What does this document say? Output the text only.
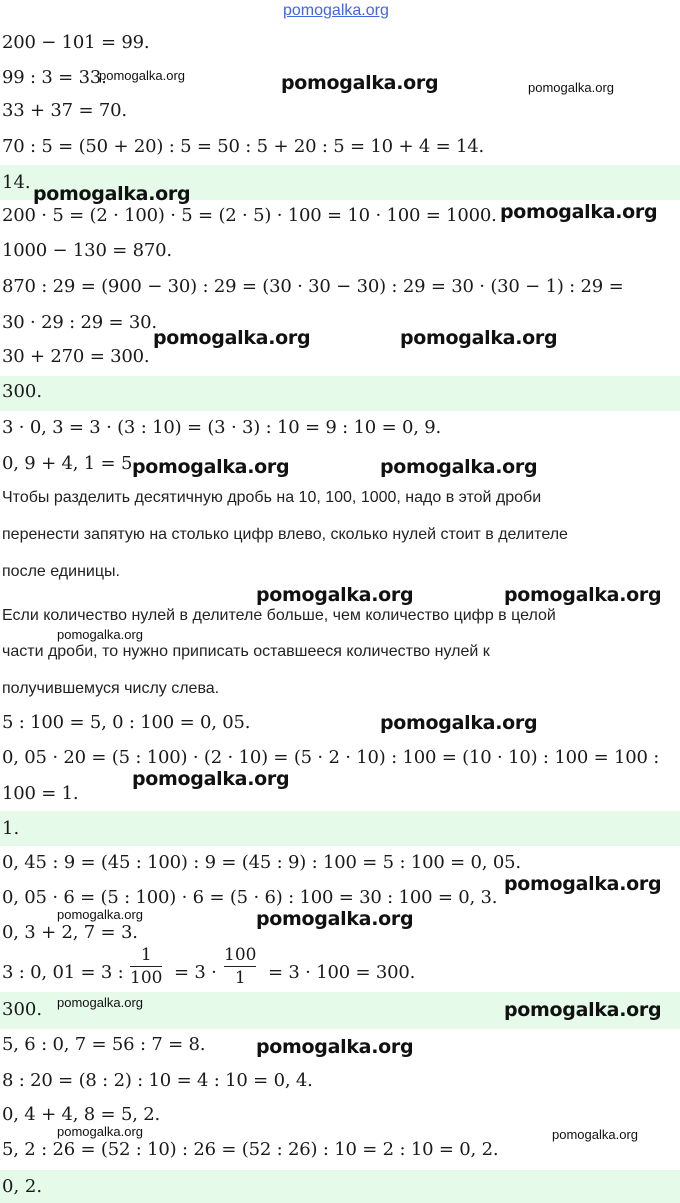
pomogalka.org
200 − 101 = 99.
99 : 3 = 33.
33 + 37 = 70.
70 : 5 = (50 + 20) : 5 = 50 : 5 + 20 : 5 = 10 + 4 = 14.
14.
200 · 5 = (2 · 100) · 5 = (2 · 5) · 100 = 10 · 100 = 1000.
1000 − 130 = 870.
870 : 29 = (900 − 30) : 29 = (30 · 30 − 30) : 29 = 30 · (30 − 1) : 29 =
30 · 29 : 29 = 30.
30 + 270 = 300.
300.
3 · 0, 3 = 3 · (3 : 10) = (3 · 3) : 10 = 9 : 10 = 0, 9.
0, 9 + 4, 1 = 5.
Чтобы разделить десятичную дробь на 10, 100, 1000, надо в этой дроби
перенести запятую на столько цифр влево, сколько нулей стоит в делителе
после единицы.
Если количество нулей в делителе больше, чем количество цифр в целой
части дроби, то нужно приписать оставшееся количество нулей к
получившемуся числу слева.
5 : 100 = 5, 0 : 100 = 0, 05.
0, 05 · 20 = (5 : 100) · (2 · 10) = (5 · 2 · 10) : 100 = (10 · 10) : 100 = 100 :
100 = 1.
1.
0, 45 : 9 = (45 : 100) : 9 = (45 : 9) : 100 = 5 : 100 = 0, 05.
0, 05 · 6 = (5 : 100) · 6 = (5 · 6) : 100 = 30 : 100 = 0, 3.
0, 3 + 2, 7 = 3.
3 : 0, 01 = 3 :
1
100 = 3 ·
100
1 = 3 · 100 = 300.
300.
5, 6 : 0, 7 = 56 : 7 = 8.
8 : 20 = (8 : 2) : 10 = 4 : 10 = 0, 4.
0, 4 + 4, 8 = 5, 2.
5, 2 : 26 = (52 : 10) : 26 = (52 : 26) : 10 = 2 : 10 = 0, 2.
0, 2.
pomogalka.org
pomogalka.org
pomogalka.org
pomogalka.org
pomogalka.org
pomogalka.org	pomogalka.org
pomogalka.org	pomogalka.org
pomogalka.org	pomogalka.org
pomogalka.org
pomogalka.org
pomogalka.org
pomogalka.org
pomogalka.org	pomogalka.org
pomogalka.org	pomogalka.org
pomogalka.org
pomogalka.org	pomogalka.org
